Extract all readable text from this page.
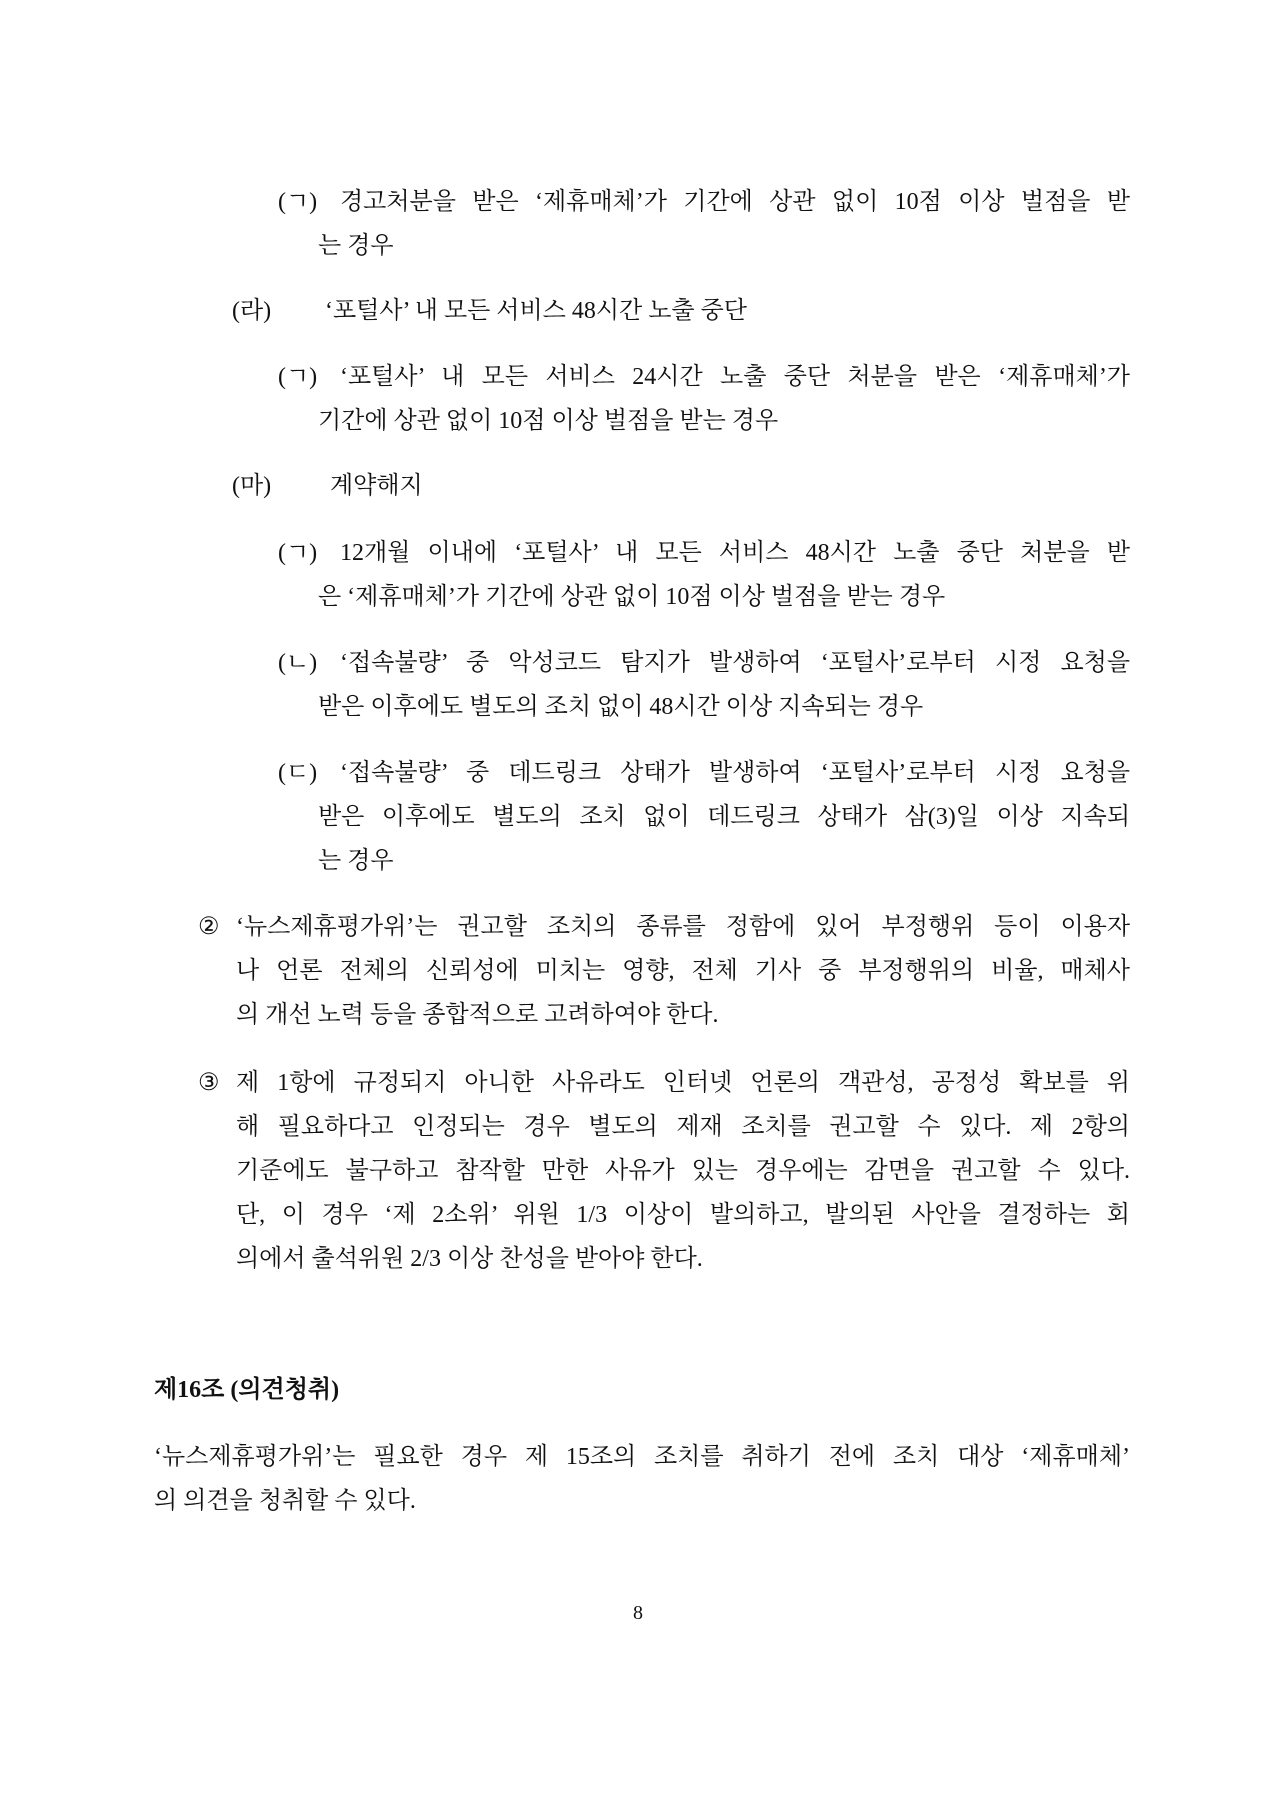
(ㄱ) 경고처분을 받은 ‘제휴매체’가 기간에 상관 없이 10점 이상 벌점을 받
는 경우
(라) ‘포털사’ 내 모든 서비스 48시간 노출 중단
(ㄱ) ‘포털사’ 내 모든 서비스 24시간 노출 중단 처분을 받은 ‘제휴매체’가
기간에 상관 없이 10점 이상 벌점을 받는 경우
(마) 계약해지
(ㄱ) 12개월 이내에 ‘포털사’ 내 모든 서비스 48시간 노출 중단 처분을 받
은 ‘제휴매체’가 기간에 상관 없이 10점 이상 벌점을 받는 경우
(ㄴ) ‘접속불량’ 중 악성코드 탐지가 발생하여 ‘포털사’로부터 시정 요청을
받은 이후에도 별도의 조치 없이 48시간 이상 지속되는 경우
(ㄷ) ‘접속불량’ 중 데드링크 상태가 발생하여 ‘포털사’로부터 시정 요청을
받은 이후에도 별도의 조치 없이 데드링크 상태가 삼(3)일 이상 지속되
는 경우
② ‘뉴스제휴평가위’는 권고할 조치의 종류를 정함에 있어 부정행위 등이 이용자
나 언론 전체의 신뢰성에 미치는 영향, 전체 기사 중 부정행위의 비율, 매체사
의 개선 노력 등을 종합적으로 고려하여야 한다.
③ 제 1항에 규정되지 아니한 사유라도 인터넷 언론의 객관성, 공정성 확보를 위
해 필요하다고 인정되는 경우 별도의 제재 조치를 권고할 수 있다. 제 2항의
기준에도 불구하고 참작할 만한 사유가 있는 경우에는 감면을 권고할 수 있다.
단, 이 경우 ‘제 2소위’ 위원 1/3 이상이 발의하고, 발의된 사안을 결정하는 회
의에서 출석위원 2/3 이상 찬성을 받아야 한다.
제16조 (의견청취)
‘뉴스제휴평가위’는 필요한 경우 제 15조의 조치를 취하기 전에 조치 대상 ‘제휴매체’
의 의견을 청취할 수 있다.
8
